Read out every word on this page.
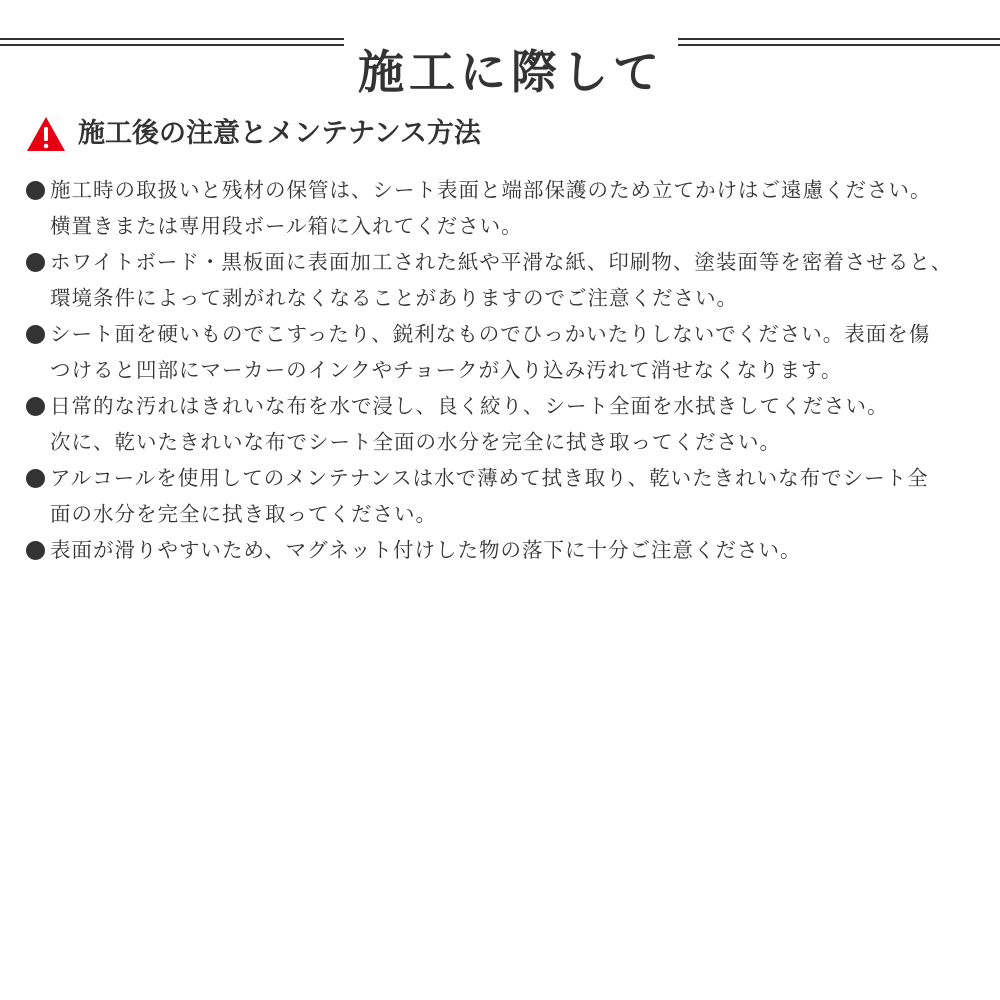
施工に際して
施工後の注意とメンテナンス方法
施工時の取扱いと残材の保管は、シート表面と端部保護のため立てかけはご遠慮ください。
横置きまたは専用段ボール箱に入れてください。
ホワイトボード・黒板面に表面加工された紙や平滑な紙、印刷物、塗装面等を密着させると、
環境条件によって剥がれなくなることがありますのでご注意ください。
シート面を硬いものでこすったり、鋭利なものでひっかいたりしないでください。表面を傷
つけると凹部にマーカーのインクやチョークが入り込み汚れて消せなくなります。
日常的な汚れはきれいな布を水で浸し、良く絞り、シート全面を水拭きしてください。
次に、乾いたきれいな布でシート全面の水分を完全に拭き取ってください。
アルコールを使用してのメンテナンスは水で薄めて拭き取り、乾いたきれいな布でシート全
面の水分を完全に拭き取ってください。
表面が滑りやすいため、マグネット付けした物の落下に十分ご注意ください。
